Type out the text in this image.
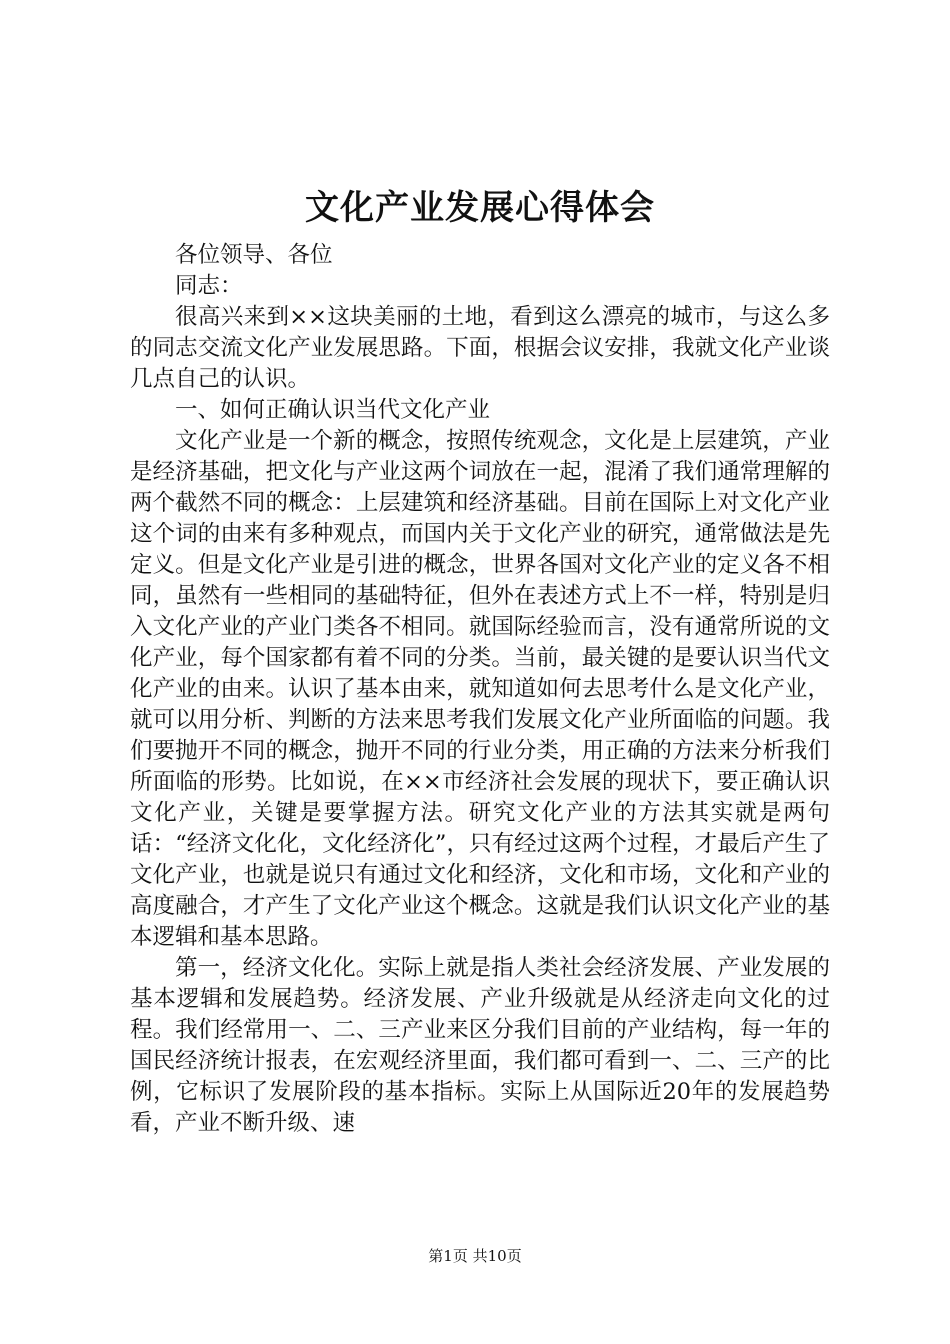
文化产业发展心得体会

各位领导、各位

同志：

很高兴来到××这块美丽的土地，看到这么漂亮的城市，与这么多的同志交流文化产业发展思路。下面，根据会议安排，我就文化产业谈几点自己的认识。

一、如何正确认识当代文化产业

文化产业是一个新的概念，按照传统观念，文化是上层建筑，产业是经济基础，把文化与产业这两个词放在一起，混淆了我们通常理解的两个截然不同的概念：上层建筑和经济基础。目前在国际上对文化产业这个词的由来有多种观点，而国内关于文化产业的研究，通常做法是先定义。但是文化产业是引进的概念，世界各国对文化产业的定义各不相同，虽然有一些相同的基础特征，但外在表述方式上不一样，特别是归入文化产业的产业门类各不相同。就国际经验而言，没有通常所说的文化产业，每个国家都有着不同的分类。当前，最关键的是要认识当代文化产业的由来。认识了基本由来，就知道如何去思考什么是文化产业，就可以用分析、判断的方法来思考我们发展文化产业所面临的问题。我们要抛开不同的概念，抛开不同的行业分类，用正确的方法来分析我们所面临的形势。比如说，在××市经济社会发展的现状下，要正确认识文化产业，关键是要掌握方法。研究文化产业的方法其实就是两句话：“经济文化化，文化经济化”，只有经过这两个过程，才最后产生了文化产业，也就是说只有通过文化和经济，文化和市场，文化和产业的高度融合，才产生了文化产业这个概念。这就是我们认识文化产业的基本逻辑和基本思路。

第一，经济文化化。实际上就是指人类社会经济发展、产业发展的基本逻辑和发展趋势。经济发展、产业升级就是从经济走向文化的过程。我们经常用一、二、三产业来区分我们目前的产业结构，每一年的国民经济统计报表，在宏观经济里面，我们都可看到一、二、三产的比例，它标识了发展阶段的基本指标。实际上从国际近20年的发展趋势看，产业不断升级、速

第1页 共10页
